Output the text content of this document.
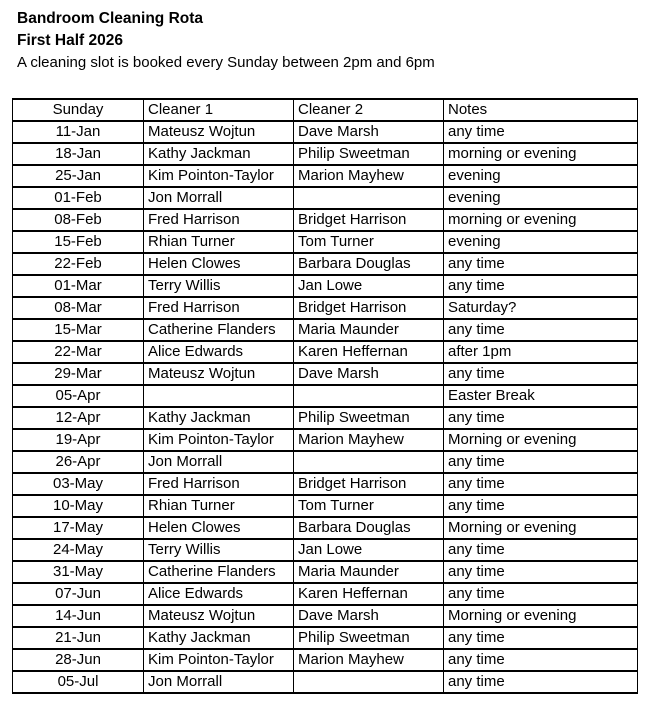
Bandroom Cleaning Rota
First Half 2026
A cleaning slot is booked every Sunday between 2pm and 6pm
Sunday	Cleaner 1	Cleaner 2	Notes
11-Jan	Mateusz Wojtun	Dave Marsh	any time
18-Jan	Kathy Jackman	Philip Sweetman	morning or evening
25-Jan	Kim Pointon-Taylor	Marion Mayhew	evening
01-Feb	Jon Morrall		evening
08-Feb	Fred Harrison	Bridget Harrison	morning or evening
15-Feb	Rhian Turner	Tom Turner	evening
22-Feb	Helen Clowes	Barbara Douglas	any time
01-Mar	Terry Willis	Jan Lowe	any time
08-Mar	Fred Harrison	Bridget Harrison	Saturday?
15-Mar	Catherine Flanders	Maria Maunder	any time
22-Mar	Alice Edwards	Karen Heffernan	after 1pm
29-Mar	Mateusz Wojtun	Dave Marsh	any time
05-Apr			Easter Break
12-Apr	Kathy Jackman	Philip Sweetman	any time
19-Apr	Kim Pointon-Taylor	Marion Mayhew	Morning or evening
26-Apr	Jon Morrall		any time
03-May	Fred Harrison	Bridget Harrison	any time
10-May	Rhian Turner	Tom Turner	any time
17-May	Helen Clowes	Barbara Douglas	Morning or evening
24-May	Terry Willis	Jan Lowe	any time
31-May	Catherine Flanders	Maria Maunder	any time
07-Jun	Alice Edwards	Karen Heffernan	any time
14-Jun	Mateusz Wojtun	Dave Marsh	Morning or evening
21-Jun	Kathy Jackman	Philip Sweetman	any time
28-Jun	Kim Pointon-Taylor	Marion Mayhew	any time
05-Jul	Jon Morrall		any time
